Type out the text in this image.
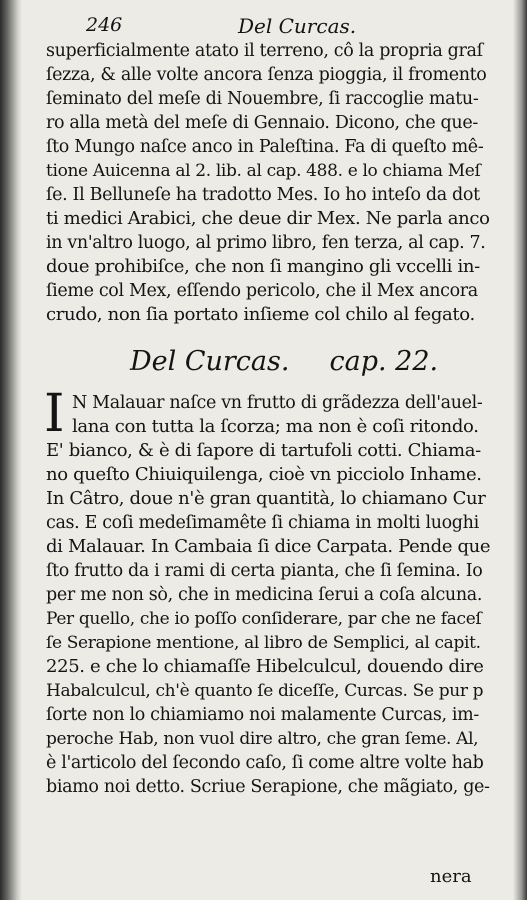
246	Del Curcas.
superficialmente atato il terreno, cô la propria graſ
ſezza, & alle volte ancora ſenza pioggia, il fromento
ſeminato del meſe di Nouembre, ſi raccoglie matu-
ro alla metà del meſe di Gennaio. Dicono, che que-
ſto Mungo naſce anco in Paleſtina. Fa di queſto mê-
tione Auicenna al 2. lib. al cap. 488. e lo chiama Meſ
ſe. Il Belluneſe ha tradotto Mes. Io ho inteſo da dot
ti medici Arabici, che deue dir Mex. Ne parla anco
in vn'altro luogo, al primo libro, fen terza, al cap. 7.
doue prohibiſce, che non ſi mangino gli vccelli in-
ſieme col Mex, eſſendo pericolo, che il Mex ancora
crudo, non ſia portato inſieme col chilo al fegato.
Del Curcas. cap. 22.
I N Malauar naſce vn frutto di grãdezza dell'auel-
lana con tutta la ſcorza; ma non è coſi ritondo.
E' bianco, & è di ſapore di tartufoli cotti. Chiama-
no queſto Chiuiquilenga, cioè vn picciolo Inhame.
In Câtro, doue n'è gran quantità, lo chiamano Cur
cas. E coſi medeſimamête ſi chiama in molti luoghi
di Malauar. In Cambaia ſi dice Carpata. Pende que
ſto frutto da i rami di certa pianta, che ſi ſemina. Io
per me non sò, che in medicina ſerui a coſa alcuna.
Per quello, che io poſſo conſiderare, par che ne faceſ
ſe Serapione mentione, al libro de Semplici, al capit.
225. e che lo chiamaſſe Hibelculcul, douendo dire
Habalculcul, ch'è quanto ſe diceſſe, Curcas. Se pur p
ſorte non lo chiamiamo noi malamente Curcas, im-
peroche Hab, non vuol dire altro, che gran ſeme. Al,
è l'articolo del ſecondo caſo, ſi come altre volte hab
biamo noi detto. Scriue Serapione, che mãgiato, ge-
nera
